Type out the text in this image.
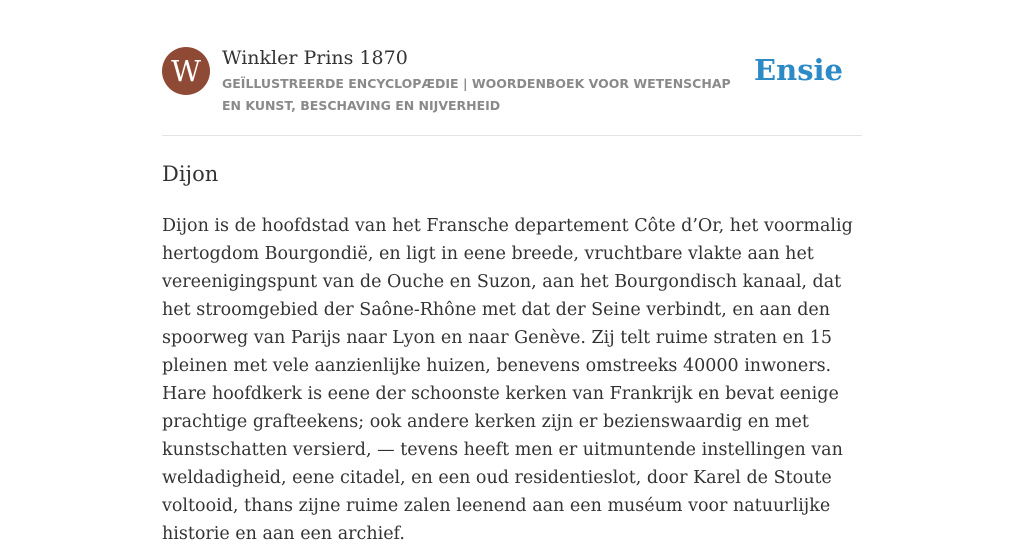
W	Winkler Prins 1870
GEÏLLUSTREERDE ENCYCLOPÆDIE | WOORDENBOEK VOOR WETENSCHAP EN KUNST, BESCHAVING EN NIJVERHEID
Ensie
Dijon

Dijon is de hoofdstad van het Fransche departement Côte d’Or, het voormalig hertogdom Bourgondië, en ligt in eene breede, vruchtbare vlakte aan het vereenigingspunt van de Ouche en Suzon, aan het Bourgondisch kanaal, dat het stroomgebied der Saône-Rhône met dat der Seine verbindt, en aan den spoorweg van Parijs naar Lyon en naar Genève. Zij telt ruime straten en 15 pleinen met vele aanzienlijke huizen, benevens omstreeks 40000 inwoners. Hare hoofdkerk is eene der schoonste kerken van Frankrijk en bevat eenige prachtige grafteekens; ook andere kerken zijn er bezienswaardig en met kunstschatten versierd, — tevens heeft men er uitmuntende instellingen van weldadigheid, eene citadel, en een oud residentieslot, door Karel de Stoute voltooid, thans zijne ruime zalen leenend aan een muséum voor natuurlijke historie en aan een archief.
